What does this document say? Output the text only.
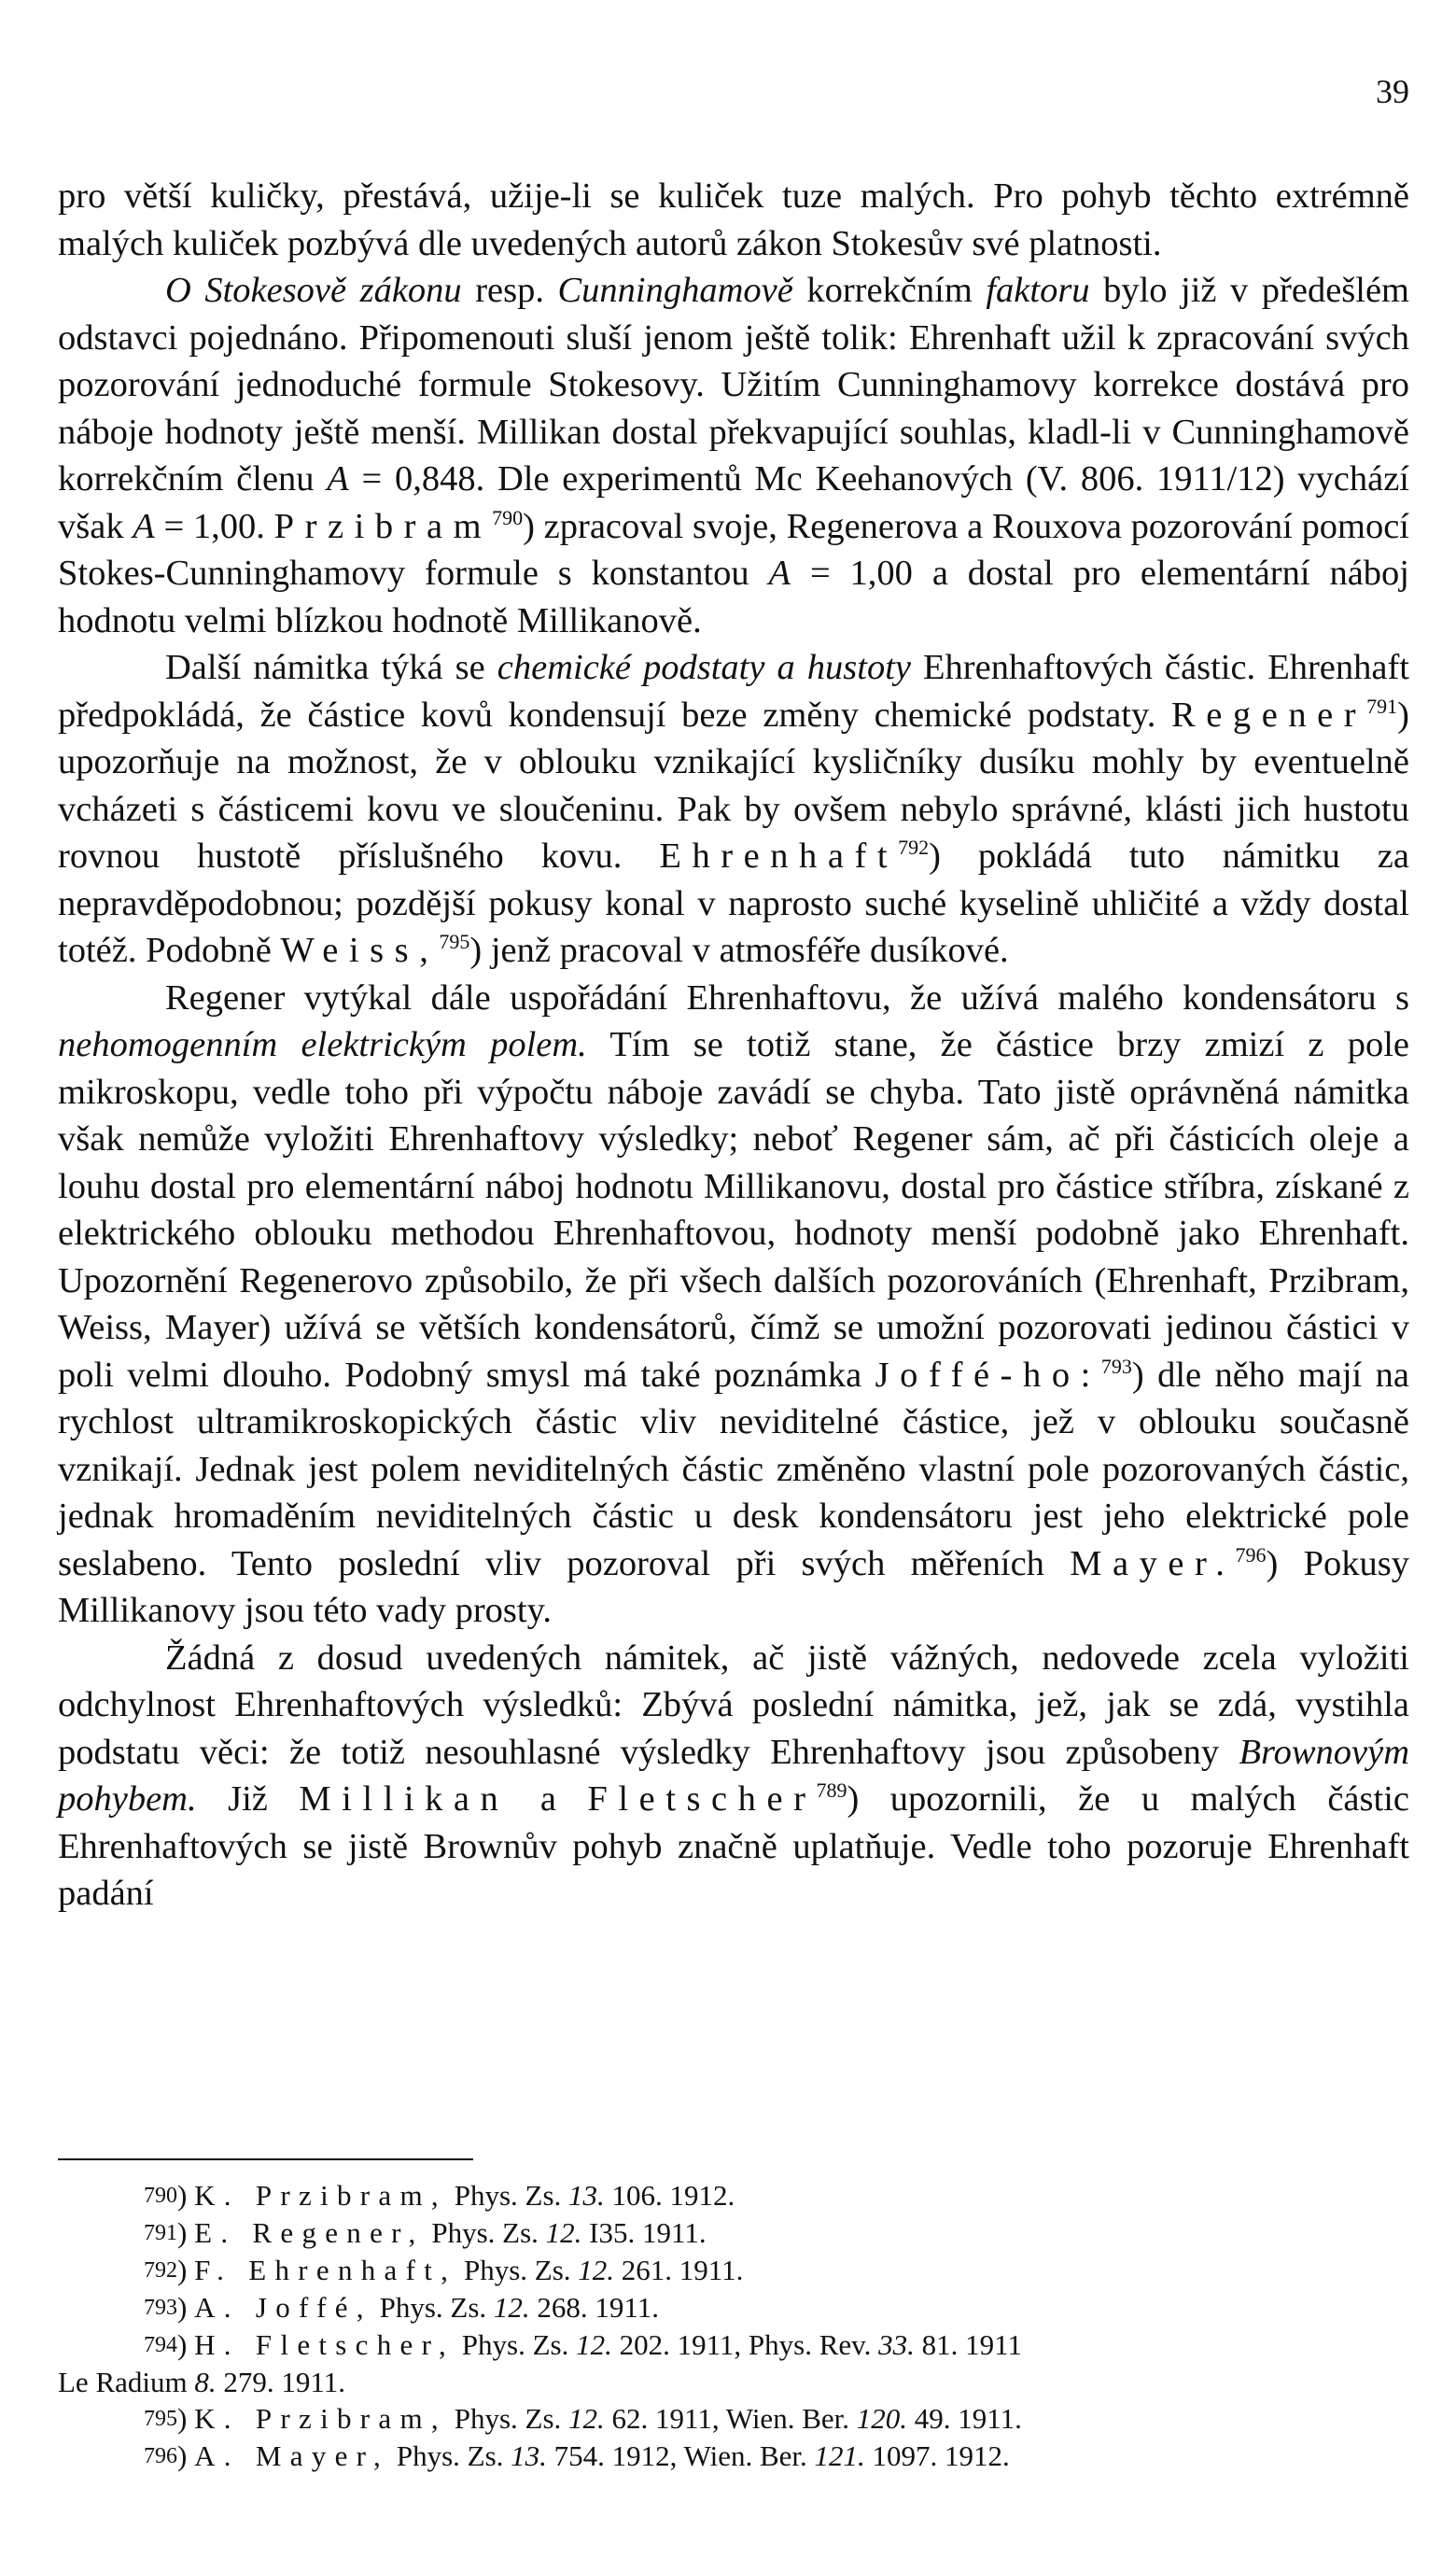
39

pro větší kuličky, přestává, užije-li se kuliček tuze malých. Pro pohyb těchto extrémně malých kuliček pozbývá dle uvedených autorů zákon Stokesův své platnosti.

O Stokesově zákonu resp. Cunninghamově korrekčním faktoru bylo již v předešlém odstavci pojednáno. Připomenouti sluší jenom ještě tolik: Ehrenhaft užil k zpracování svých pozorování jednoduché formule Stokesovy. Užitím Cunninghamovy korrekce dostává pro náboje hodnoty ještě menší. Millikan dostal překvapující souhlas, kladl-li v Cunninghamově korrekčním členu A = 0,848. Dle experimentů Mc Keehanových (V. 806. 1911/12) vychází však A = 1,00. Przibram$^{790}$) zpracoval svoje, Regenerova a Rouxova pozorování pomocí Stokes-Cunninghamovy formule s konstantou A = 1,00 a dostal pro elementární náboj hodnotu velmi blízkou hodnotě Millikanově.

Další námitka týká se chemické podstaty a hustoty Ehrenhaftových částic. Ehrenhaft předpokládá, že částice kovů kondensují beze změny chemické podstaty. Regener$^{791}$) upozorňuje na možnost, že v oblouku vznikající kysličníky dusíku mohly by eventuelně vcházeti s částicemi kovu ve sloučeninu. Pak by ovšem nebylo správné, klásti jich hustotu rovnou hustotě příslušného kovu. Ehrenhaft$^{792}$) pokládá tuto námitku za nepravděpodobnou; pozdější pokusy konal v naprosto suché kyselině uhličité a vždy dostal totéž. Podobně Weiss,$^{795}$) jenž pracoval v atmosféře dusíkové.

Regener vytýkal dále uspořádání Ehrenhaftovu, že užívá malého kondensátoru s nehomogenním elektrickým polem. Tím se totiž stane, že částice brzy zmizí z pole mikroskopu, vedle toho při výpočtu náboje zavádí se chyba. Tato jistě oprávněná námitka však nemůže vyložiti Ehrenhaftovy výsledky; neboť Regener sám, ač při částicích oleje a louhu dostal pro elementární náboj hodnotu Millikanovu, dostal pro částice stříbra, získané z elektrického oblouku methodou Ehrenhaftovou, hodnoty menší podobně jako Ehrenhaft. Upozornění Regenerovo způsobilo, že při všech dalších pozorováních (Ehrenhaft, Przibram, Weiss, Mayer) užívá se větších kondensátorů, čímž se umožní pozorovati jedinou částici v poli velmi dlouho. Podobný smysl má také poznámka Joffé-ho:$^{793}$) dle něho mají na rychlost ultramikroskopických částic vliv neviditelné částice, jež v oblouku současně vznikají. Jednak jest polem neviditelných částic změněno vlastní pole pozorovaných částic, jednak hromaděním neviditelných částic u desk kondensátoru jest jeho elektrické pole seslabeno. Tento poslední vliv pozoroval při svých měřeních Mayer.$^{796}$) Pokusy Millikanovy jsou této vady prosty.

Žádná z dosud uvedených námitek, ač jistě vážných, nedovede zcela vyložiti odchylnost Ehrenhaftových výsledků: Zbývá poslední námitka, jež, jak se zdá, vystihla podstatu věci: že totiž nesouhlasné výsledky Ehrenhaftovy jsou způsobeny Brownovým pohybem. Již Millikan a Fletscher$^{789}$) upozornili, že u malých částic Ehrenhaftových se jistě Brownův pohyb značně uplatňuje. Vedle toho pozoruje Ehrenhaft padání

790) K. Przibram, Phys. Zs. 13. 106. 1912.
791) E. Regener, Phys. Zs. 12. I35. 1911.
792) F. Ehrenhaft, Phys. Zs. 12. 261. 1911.
793) A. Joffé, Phys. Zs. 12. 268. 1911.
794) H. Fletscher, Phys. Zs. 12. 202. 1911, Phys. Rev. 33. 81. 1911
Le Radium 8. 279. 1911.
795) K. Przibram, Phys. Zs. 12. 62. 1911, Wien. Ber. 120. 49. 1911.
796) A. Mayer, Phys. Zs. 13. 754. 1912, Wien. Ber. 121. 1097. 1912.
